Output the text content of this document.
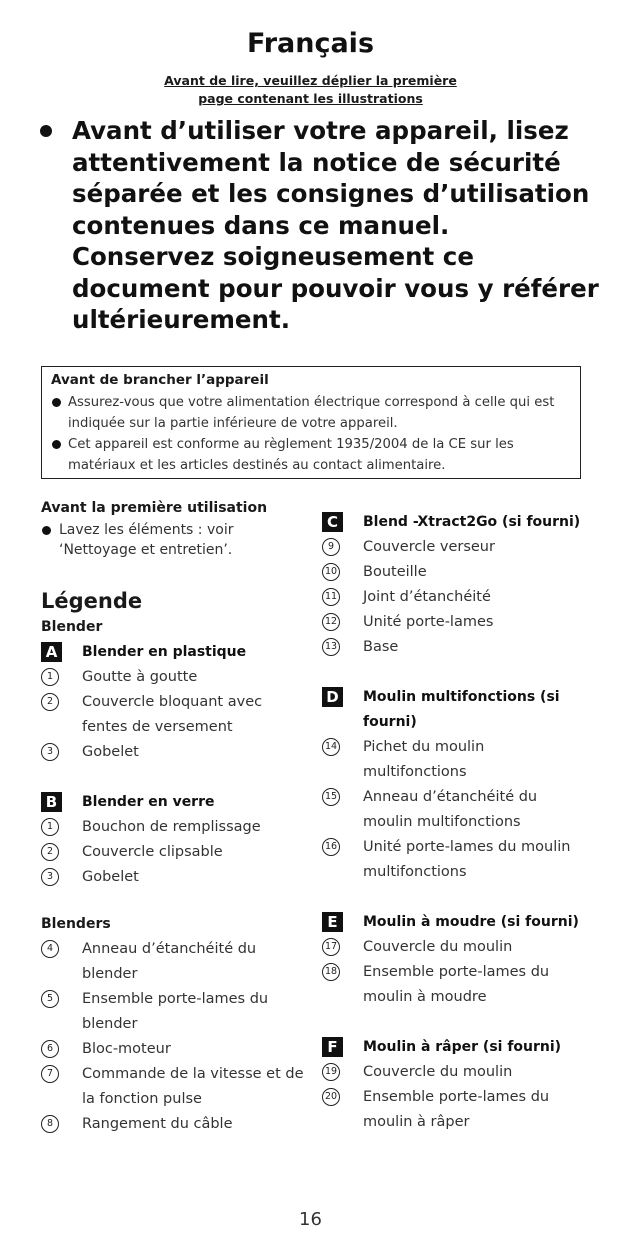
Français
Avant de lire, veuillez déplier la première
page contenant les illustrations

Avant d’utiliser votre appareil, lisez attentivement la notice de sécurité séparée et les consignes d’utilisation contenues dans ce manuel. Conservez soigneusement ce document pour pouvoir vous y référer ultérieurement.

Avant de brancher l’appareil
Assurez-vous que votre alimentation électrique correspond à celle qui est indiquée sur la partie inférieure de votre appareil.
Cet appareil est conforme au règlement 1935/2004 de la CE sur les matériaux et les articles destinés au contact alimentaire.
Avant la première utilisation
Lavez les éléments : voir ‘Nettoyage et entretien’.
Légende
Blender
A	Blender en plastique
1	Goutte à goutte
2	Couvercle bloquant avec fentes de versement
3	Gobelet
B	Blender en verre
1	Bouchon de remplissage
2	Couvercle clipsable
3	Gobelet
Blenders
4	Anneau d’étanchéité du blender
5	Ensemble porte-lames du blender
6	Bloc-moteur
7	Commande de la vitesse et de la fonction pulse
8	Rangement du câble
C	Blend -Xtract2Go (si fourni)
9	Couvercle verseur
10 Bouteille
11 Joint d’étanchéité
12 Unité porte-lames
13 Base
D	Moulin multifonctions (si fourni)
14 Pichet du moulin multifonctions
15 Anneau d’étanchéité du moulin multifonctions
16 Unité porte-lames du moulin multifonctions
E	Moulin à moudre (si fourni)
17 Couvercle du moulin
18 Ensemble porte-lames du moulin à moudre
F	Moulin à râper (si fourni)
19 Couvercle du moulin
20 Ensemble porte-lames du moulin à râper
16
